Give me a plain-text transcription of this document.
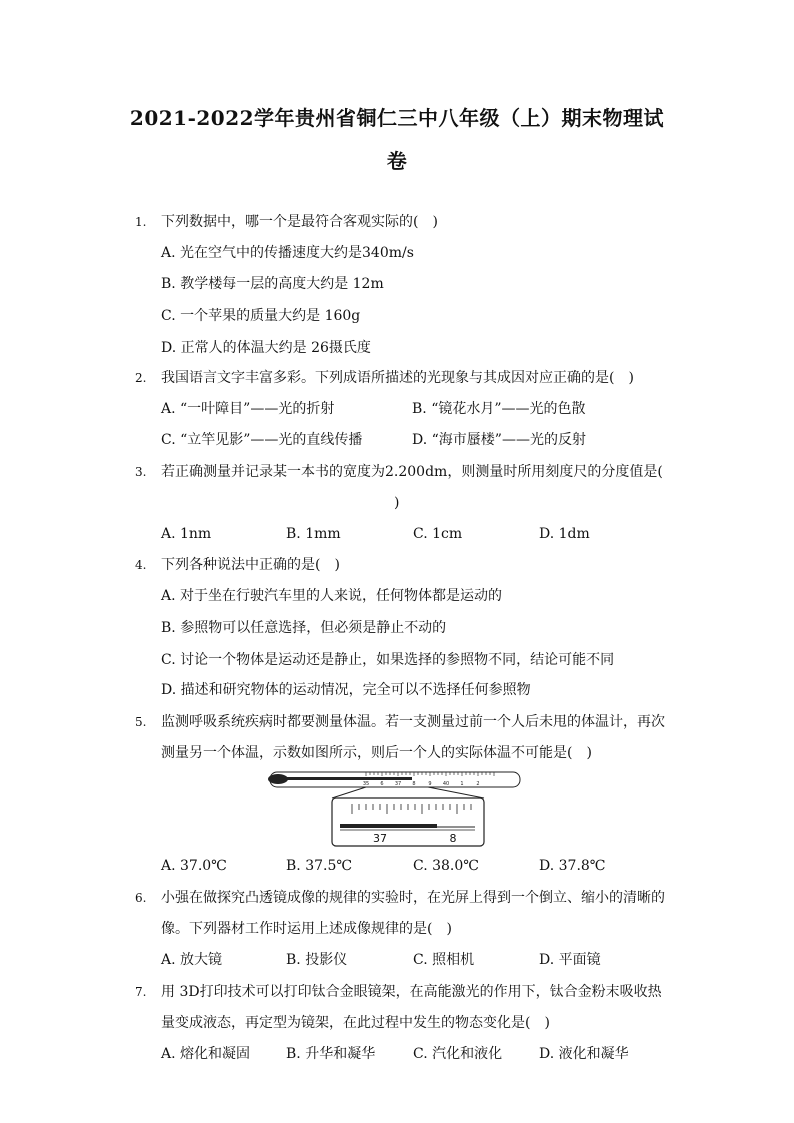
2021-2022学年贵州省铜仁三中八年级（上）期末物理试
卷
1. 下列数据中，哪一个是最符合客观实际的(　)
A. 光在空气中的传播速度大约是340m/s
B. 教学楼每一层的高度大约是 12m
C. 一个苹果的质量大约是 160g
D. 正常人的体温大约是 26摄氏度
2. 我国语言文字丰富多彩。下列成语所描述的光现象与其成因对应正确的是(　)
A. “一叶障目”——光的折射	B. “镜花水月”——光的色散
C. “立竿见影”——光的直线传播	D. “海市蜃楼”——光的反射
3. 若正确测量并记录某一本书的宽度为2.200dm，则测量时所用刻度尺的分度值是(
)
A. 1nm	B. 1mm	C. 1cm	D. 1dm
4. 下列各种说法中正确的是(　)
A. 对于坐在行驶汽车里的人来说，任何物体都是运动的
B. 参照物可以任意选择，但必须是静止不动的
C. 讨论一个物体是运动还是静止，如果选择的参照物不同，结论可能不同
D. 描述和研究物体的运动情况，完全可以不选择任何参照物
5. 监测呼吸系统疾病时都要测量体温。若一支测量过前一个人后未甩的体温计，再次
测量另一个体温，示数如图所示，则后一个人的实际体温不可能是(　)
35 6 37 8	9 40 1	2
37	8
A. 37.0℃	B. 37.5℃	C. 38.0℃	D. 37.8℃
6. 小强在做探究凸透镜成像的规律的实验时，在光屏上得到一个倒立、缩小的清晰的
像。下列器材工作时运用上述成像规律的是(　)
A. 放大镜	B. 投影仪	C. 照相机	D. 平面镜
7. 用 3D打印技术可以打印钛合金眼镜架，在高能激光的作用下，钛合金粉末吸收热
量变成液态，再定型为镜架，在此过程中发生的物态变化是(　)
A. 熔化和凝固	B. 升华和凝华	C. 汽化和液化	D. 液化和凝华
